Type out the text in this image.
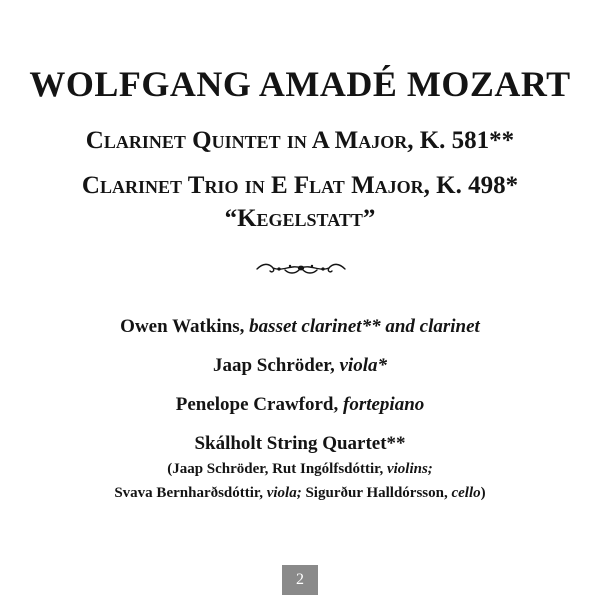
WOLFGANG AMADÉ MOZART
Clarinet Quintet in A Major, K. 581**
Clarinet Trio in E Flat Major, K. 498*
“Kegelstatt”
Owen Watkins, basset clarinet** and clarinet
Jaap Schröder, viola*
Penelope Crawford, fortepiano
Skálholt String Quartet**
(Jaap Schröder, Rut Ingólfsdóttir, violins;
Svava Bernharðsdóttir, viola; Sigurður Halldórsson, cello)
2
